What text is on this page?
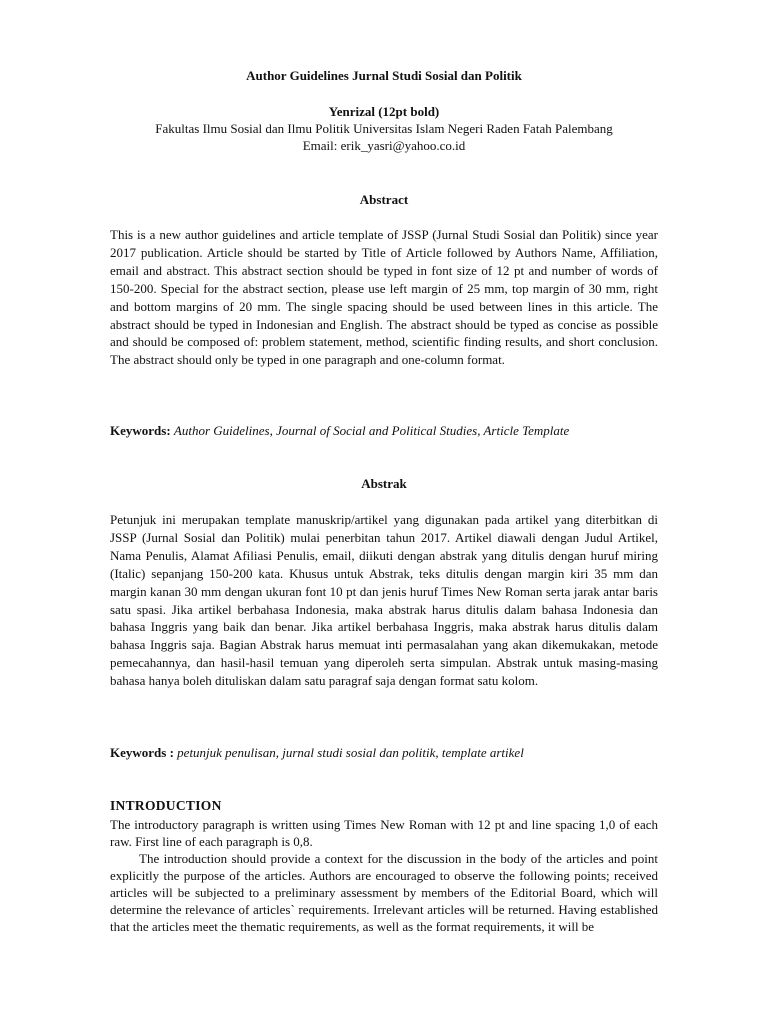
Author Guidelines Jurnal Studi Sosial dan Politik
Yenrizal (12pt bold)
Fakultas Ilmu Sosial dan Ilmu Politik Universitas Islam Negeri Raden Fatah Palembang
Email: erik_yasri@yahoo.co.id
Abstract

This is a new author guidelines and article template of JSSP (Jurnal Studi Sosial dan Politik) since year 2017 publication. Article should be started by Title of Article followed by Authors Name, Affiliation, email and abstract. This abstract section should be typed in font size of 12 pt and number of words of 150-200. Special for the abstract section, please use left margin of 25 mm, top margin of 30 mm, right and bottom margins of 20 mm. The single spacing should be used between lines in this article. The abstract should be typed in Indonesian and English. The abstract should be typed as concise as possible and should be composed of: problem statement, method, scientific finding results, and short conclusion. The abstract should only be typed in one paragraph and one-column format.

Keywords: Author Guidelines, Journal of Social and Political Studies, Article Template

Abstrak

Petunjuk ini merupakan template manuskrip/artikel yang digunakan pada artikel yang diterbitkan di JSSP (Jurnal Sosial dan Politik) mulai penerbitan tahun 2017. Artikel diawali dengan Judul Artikel, Nama Penulis, Alamat Afiliasi Penulis, email, diikuti dengan abstrak yang ditulis dengan huruf miring (Italic) sepanjang 150-200 kata. Khusus untuk Abstrak, teks ditulis dengan margin kiri 35 mm dan margin kanan 30 mm dengan ukuran font 10 pt dan jenis huruf Times New Roman serta jarak antar baris satu spasi. Jika artikel berbahasa Indonesia, maka abstrak harus ditulis dalam bahasa Indonesia dan bahasa Inggris yang baik dan benar. Jika artikel berbahasa Inggris, maka abstrak harus ditulis dalam bahasa Inggris saja. Bagian Abstrak harus memuat inti permasalahan yang akan dikemukakan, metode pemecahannya, dan hasil-hasil temuan yang diperoleh serta simpulan. Abstrak untuk masing-masing bahasa hanya boleh dituliskan dalam satu paragraf saja dengan format satu kolom.

Keywords : petunjuk penulisan, jurnal studi sosial dan politik, template artikel

INTRODUCTION

The introductory paragraph is written using Times New Roman with 12 pt and line spacing 1,0 of each raw. First line of each paragraph is 0,8.

The introduction should provide a context for the discussion in the body of the articles and point explicitly the purpose of the articles. Authors are encouraged to observe the following points; received articles will be subjected to a preliminary assessment by members of the Editorial Board, which will determine the relevance of articles` requirements. Irrelevant articles will be returned. Having established that the articles meet the thematic requirements, as well as the format requirements, it will be
